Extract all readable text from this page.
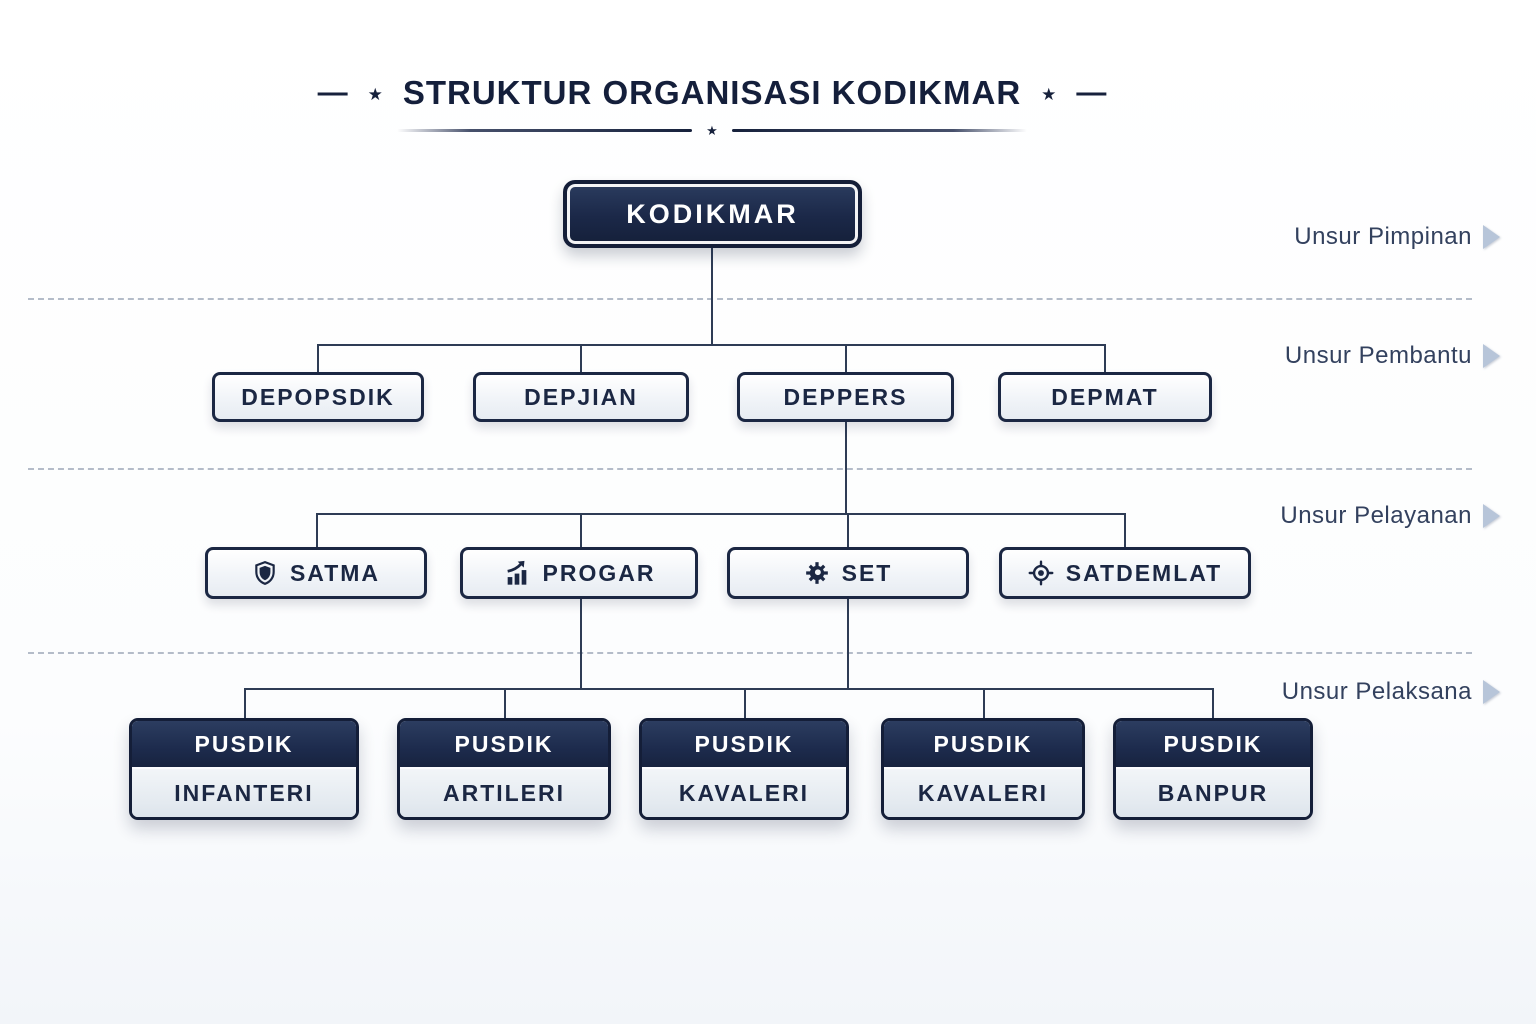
— ★ STRUKTUR ORGANISASI KODIKMAR ★ —
★
KODIKMAR
DEPOPSDIK	DEPJIAN	DEPPERS	DEPMAT
SATMA	PROGAR	SET	SATDEMLAT
PUSDIK
INFANTERI
PUSDIK
ARTILERI
PUSDIK
KAVALERI
PUSDIK
KAVALERI
PUSDIK
BANPUR
Unsur Pimpinan
Unsur Pembantu
Unsur Pelayanan
Unsur Pelaksana
